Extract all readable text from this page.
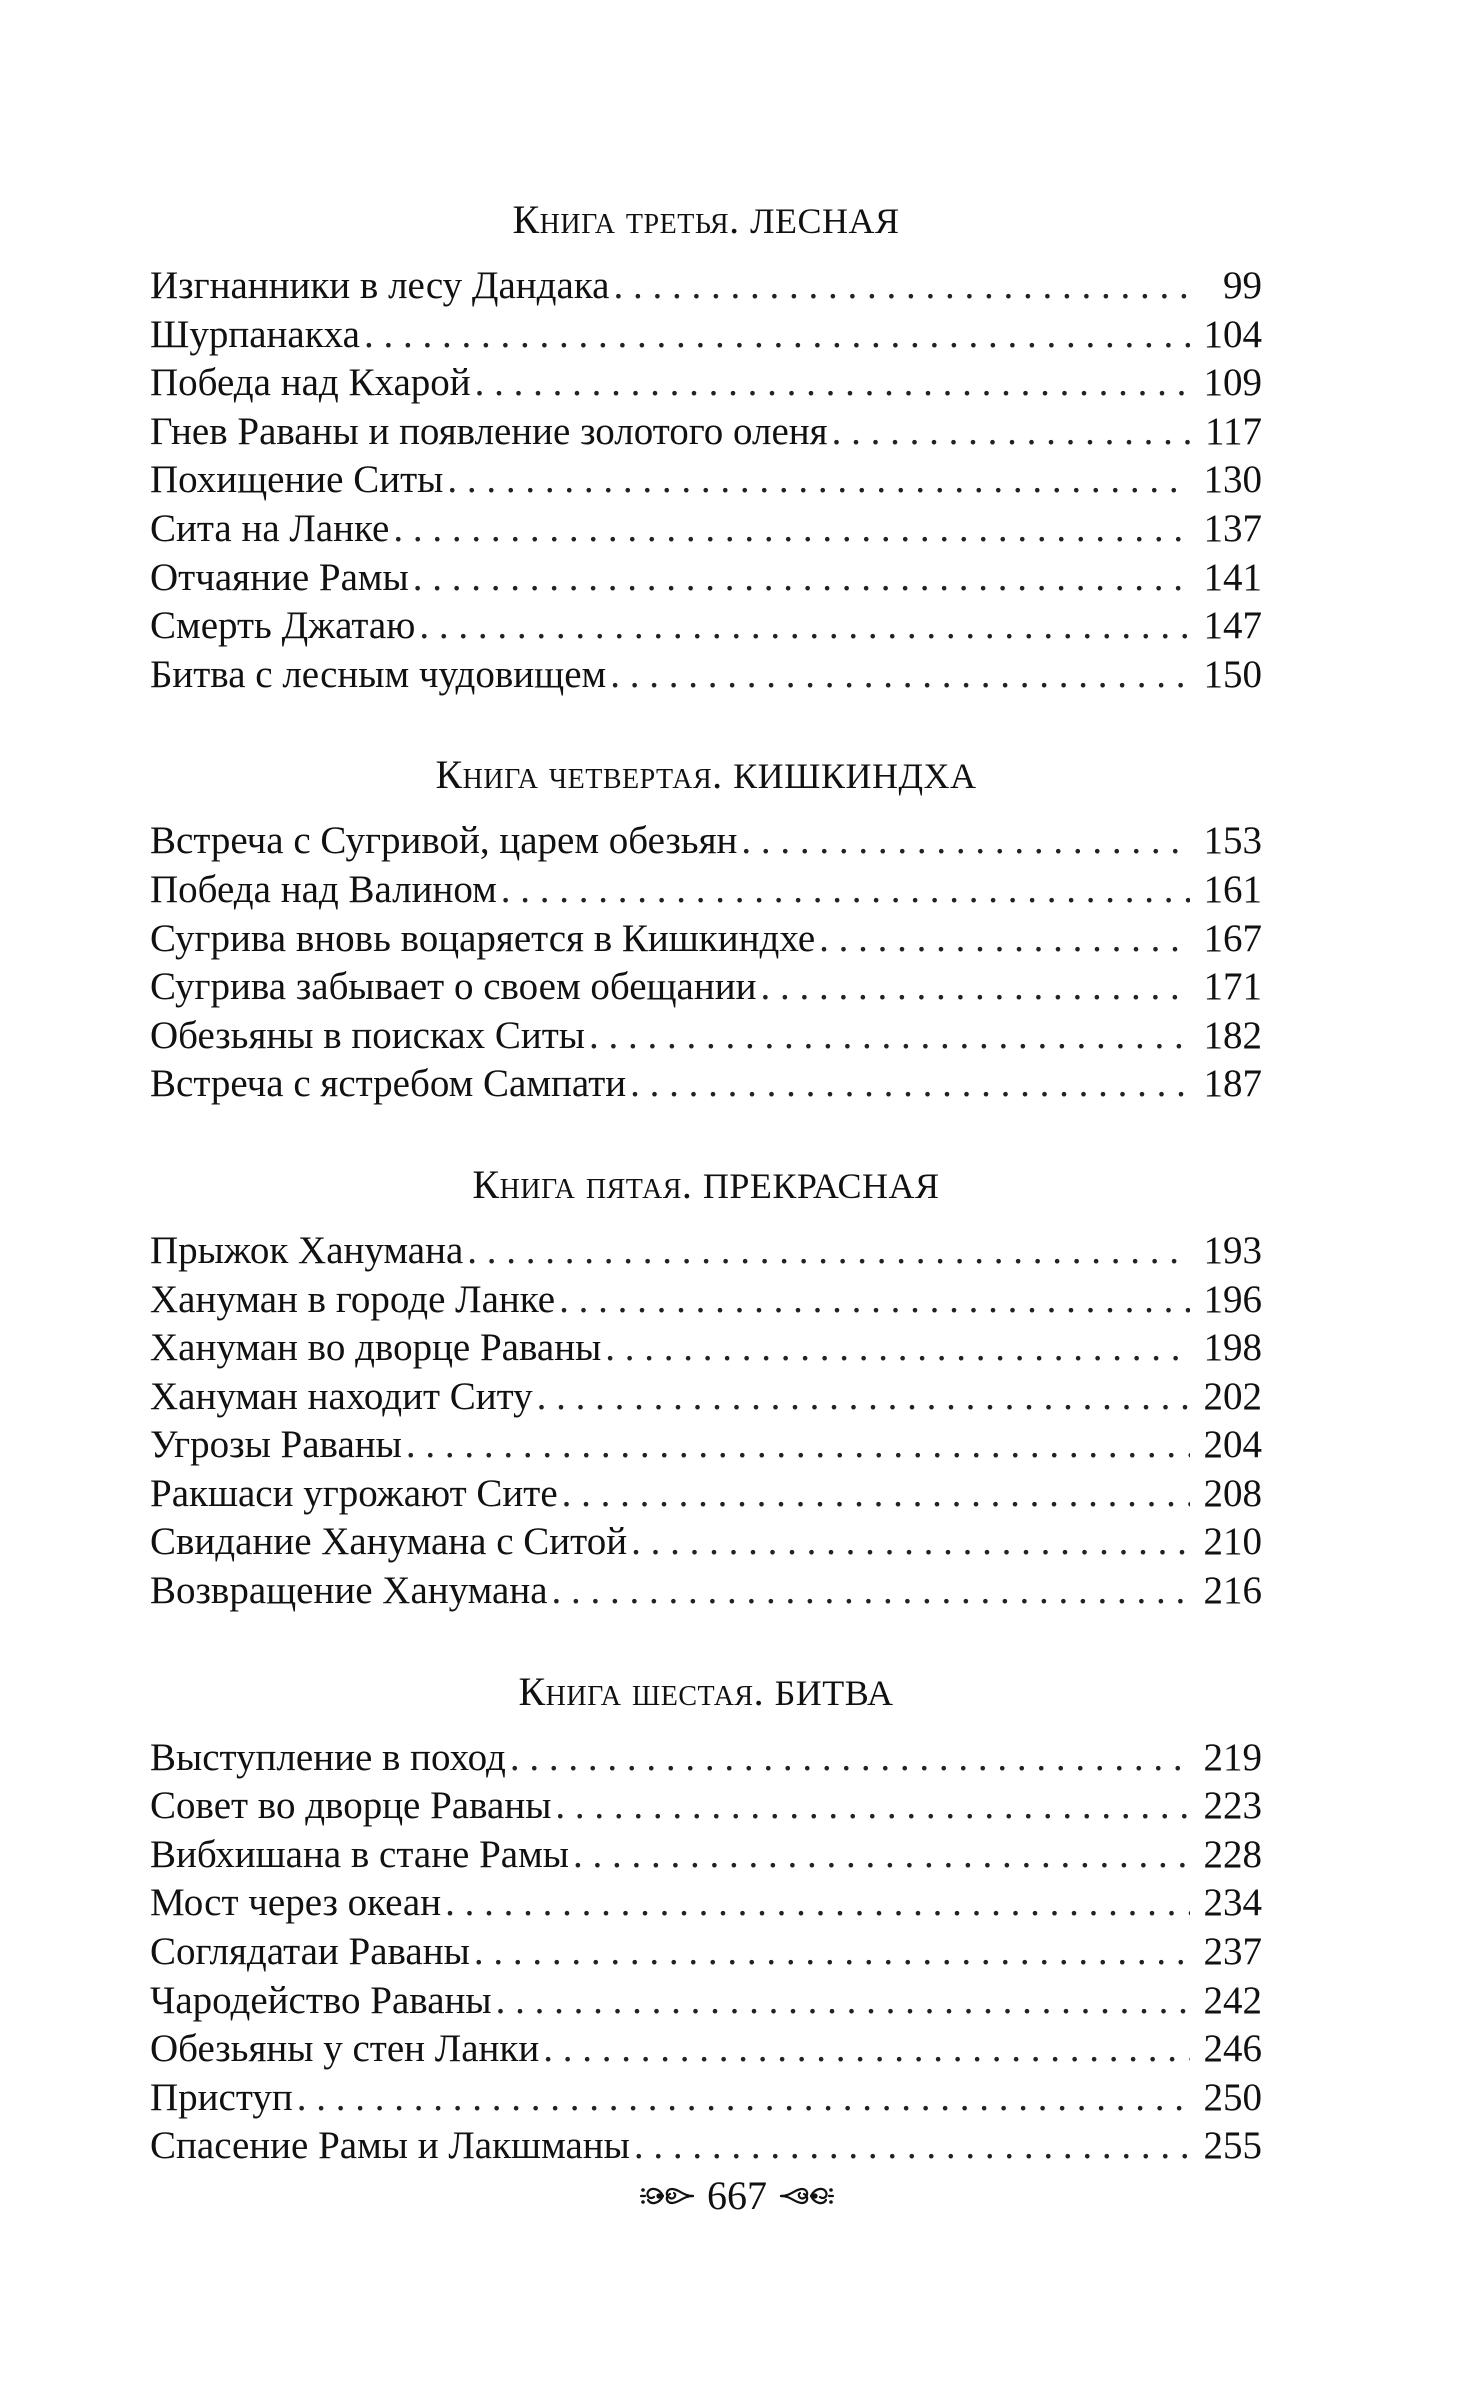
Книга третья. ЛЕСНАЯ
Изгнанники в лесу Дандака . . .	99
Шурпанакха . . .	104
Победа над Кхарой . . .	109
Гнев Раваны и появление золотого оленя . . .	117
Похищение Ситы . . .	130
Сита на Ланке . . .	137
Отчаяние Рамы . . .	141
Смерть Джатаю . . .	147
Битва с лесным чудовищем . . .	150
Книга четвертая. КИШКИНДХА
Встреча с Сугривой, царем обезьян . . .	153
Победа над Валином . . .	161
Сугрива вновь воцаряется в Кишкиндхе . . .	167
Сугрива забывает о своем обещании . . .	171
Обезьяны в поисках Ситы . . .	182
Встреча с ястребом Сампати . . .	187
Книга пятая. ПРЕКРАСНАЯ
Прыжок Ханумана . . .	193
Хануман в городе Ланке . . .	196
Хануман во дворце Раваны . . .	198
Хануман находит Ситу . . .	202
Угрозы Раваны . . .	204
Ракшаси угрожают Сите . . .	208
Свидание Ханумана с Ситой . . .	210
Возвращение Ханумана . . .	216
Книга шестая. БИТВА
Выступление в поход . . .	219
Совет во дворце Раваны . . .	223
Вибхишана в стане Рамы . . .	228
Мост через океан . . .	234
Соглядатаи Раваны . . .	237
Чародейство Раваны . . .	242
Обезьяны у стен Ланки . . .	246
Приступ . . .	250
Спасение Рамы и Лакшманы . . .	255
667
